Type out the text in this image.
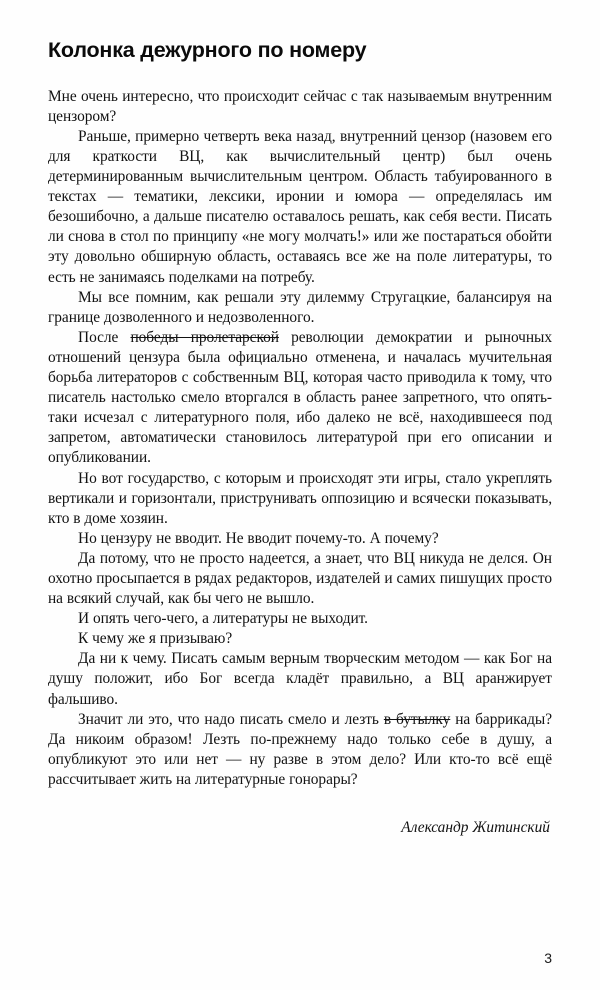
Колонка дежурного по номеру

Мне очень интересно, что происходит сейчас с так называемым внутренним цензором?

Раньше, примерно четверть века назад, внутренний цензор (назовем его для краткости ВЦ, как вычислительный центр) был очень детерминированным вычислительным центром. Область табуированного в текстах — тематики, лексики, иронии и юмора — определялась им безошибочно, а дальше писателю оставалось решать, как себя вести. Писать ли снова в стол по принципу «не могу молчать!» или же постараться обойти эту довольно обширную область, оставаясь все же на поле литературы, то есть не занимаясь поделками на потребу.

Мы все помним, как решали эту дилемму Стругацкие, балансируя на границе дозволенного и недозволенного.

После победы пролетарской революции демократии и рыночных отношений цензура была официально отменена, и началась мучительная борьба литераторов с собственным ВЦ, которая часто приводила к тому, что писатель настолько смело вторгался в область ранее запретного, что опять-таки исчезал с литературного поля, ибо далеко не всё, находившееся под запретом, автоматически становилось литературой при его описании и опубликовании.

Но вот государство, с которым и происходят эти игры, стало укреплять вертикали и горизонтали, приструнивать оппозицию и всячески показывать, кто в доме хозяин.

Но цензуру не вводит. Не вводит почему-то. А почему?

Да потому, что не просто надеется, а знает, что ВЦ никуда не делся. Он охотно просыпается в рядах редакторов, издателей и самих пишущих просто на всякий случай, как бы чего не вышло.

И опять чего-чего, а литературы не выходит.

К чему же я призываю?

Да ни к чему. Писать самым верным творческим методом — как Бог на душу положит, ибо Бог всегда кладёт правильно, а ВЦ аранжирует фальшиво.

Значит ли это, что надо писать смело и лезть в бутылку на баррикады? Да никоим образом! Лезть по-прежнему надо только себе в душу, а опубликуют это или нет — ну разве в этом дело? Или кто-то всё ещё рассчитывает жить на литературные гонорары?

Александр Житинский

3
